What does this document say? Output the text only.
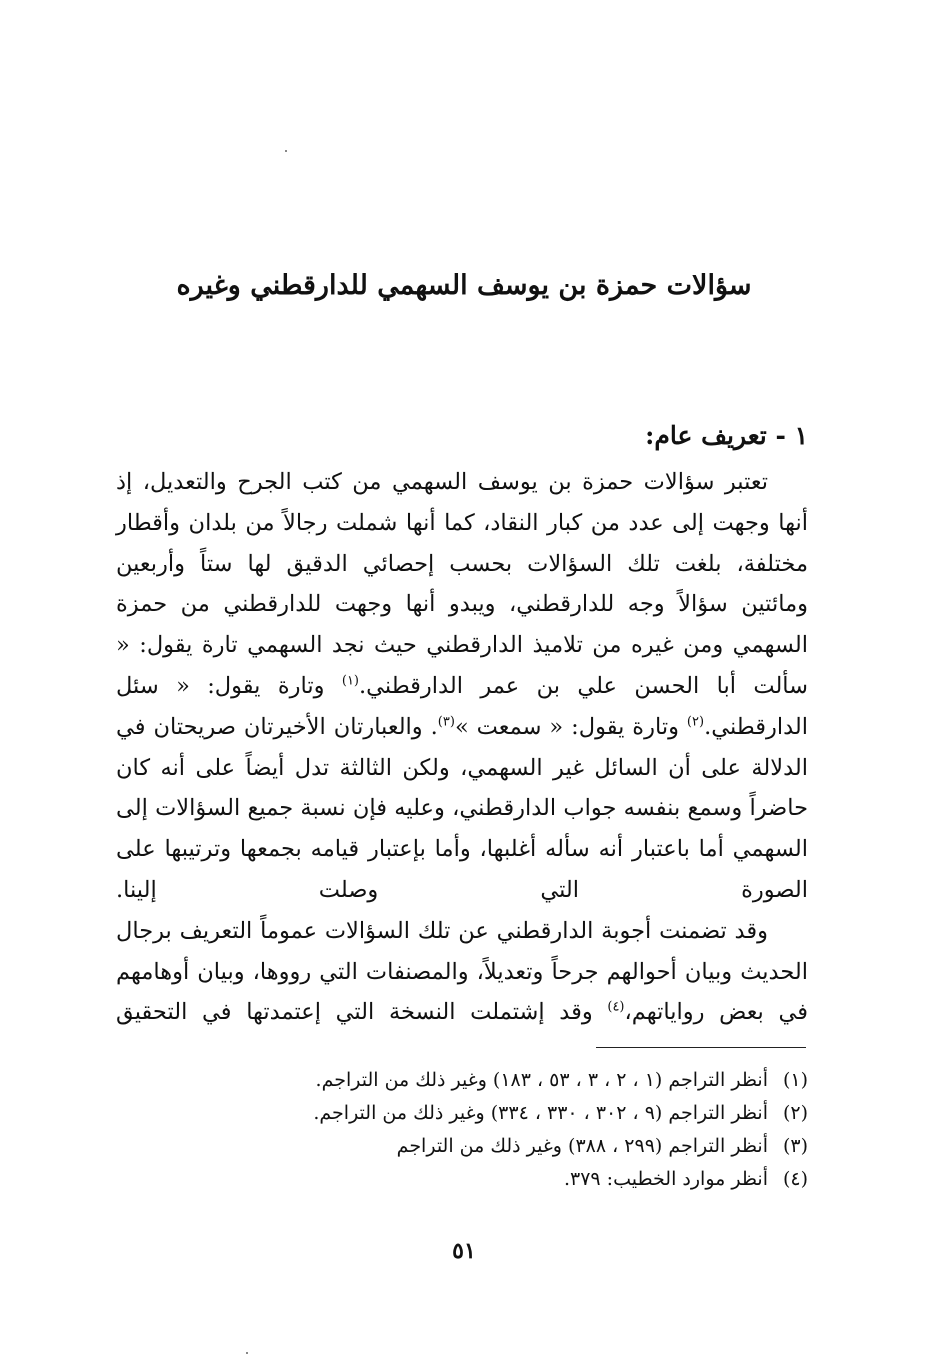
سؤالات حمزة بن يوسف السهمي للدارقطني وغيره
١ - تعريف عام:
تعتبر سؤالات حمزة بن يوسف السهمي من كتب الجرح والتعديل، إذ أنها وجهت إلى عدد من كبار النقاد، كما أنها شملت رجالاً من بلدان وأقطار مختلفة، بلغت تلك السؤالات بحسب إحصائي الدقيق لها ستاً وأربعين ومائتين سؤالاً وجه للدارقطني، ويبدو أنها وجهت للدارقطني من حمزة السهمي ومن غيره من تلاميذ الدارقطني حيث نجد السهمي تارة يقول: « سألت أبا الحسن علي بن عمر الدارقطني.$^{(١)}$ وتارة يقول: « سئل الدارقطني.$^{(٢)}$ وتارة يقول: « سمعت »$^{(٣)}$. والعبارتان الأخيرتان صريحتان في الدلالة على أن السائل غير السهمي، ولكن الثالثة تدل أيضاً على أنه كان حاضراً وسمع بنفسه جواب الدارقطني، وعليه فإن نسبة جميع السؤالات إلى السهمي أما باعتبار أنه سأله أغلبها، وأما بإعتبار قيامه بجمعها وترتيبها على الصورة التي وصلت إلينا.
وقد تضمنت أجوبة الدارقطني عن تلك السؤالات عموماً التعريف برجال الحديث وبيان أحوالهم جرحاً وتعديلاً، والمصنفات التي رووها، وبيان أوهامهم في بعض رواياتهم،$^{(٤)}$ وقد إشتملت النسخة التي إعتمدتها في التحقيق
(١)أنظر التراجم (١ ، ٢ ، ٣ ، ٥٣ ، ١٨٣) وغير ذلك من التراجم.
(٢)أنظر التراجم (٩ ، ٣٠٢ ، ٣٣٠ ، ٣٣٤) وغير ذلك من التراجم.
(٣)أنظر التراجم (٢٩٩ ، ٣٨٨) وغير ذلك من التراجم
(٤)أنظر موارد الخطيب: ٣٧٩.
٥١
